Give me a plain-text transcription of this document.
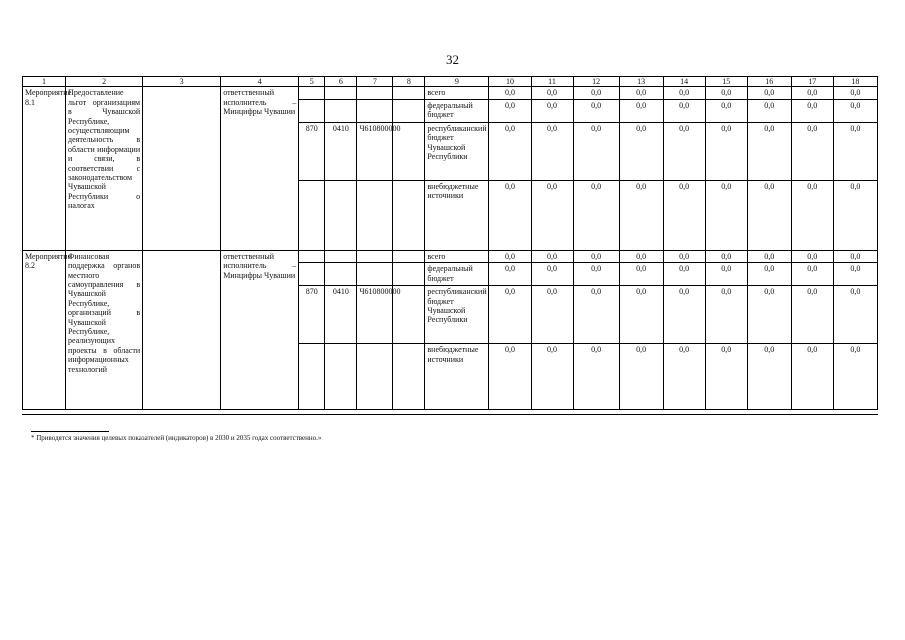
32
1	2	3	4	5	6	7	8	9	10	11	12	13	14	15	16	17	18
Мероприятие 8.1	Предоставление льгот организациям в Чувашской Республике, осуществляющим деятельность в области информации и связи, в соответствии с законодательством Чувашской Республики о налогах		ответственный исполнитель – Минцифры Чувашии					всего	0,0	0,0	0,0	0,0	0,0	0,0	0,0	0,0	0,0
								федеральный бюджет	0,0	0,0	0,0	0,0	0,0	0,0	0,0	0,0	0,0
				870	0410	Ч610800000		республиканский бюджет Чувашской Республики	0,0	0,0	0,0	0,0	0,0	0,0	0,0	0,0	0,0
								внебюджетные источники	0,0	0,0	0,0	0,0	0,0	0,0	0,0	0,0	0,0
Мероприятие 8.2	Финансовая поддержка органов местного самоуправления в Чувашской Республике, организаций в Чувашской Республике, реализующих проекты в области информационных технологий		ответственный исполнитель – Минцифры Чувашии					всего	0,0	0,0	0,0	0,0	0,0	0,0	0,0	0,0	0,0
								федеральный бюджет	0,0	0,0	0,0	0,0	0,0	0,0	0,0	0,0	0,0
				870	0410	Ч610800000		республиканский бюджет Чувашской Республики	0,0	0,0	0,0	0,0	0,0	0,0	0,0	0,0	0,0
								внебюджетные источники	0,0	0,0	0,0	0,0	0,0	0,0	0,0	0,0	0,0
* Приводятся значения целевых показателей (индикаторов) в 2030 и 2035 годах соответственно.»
